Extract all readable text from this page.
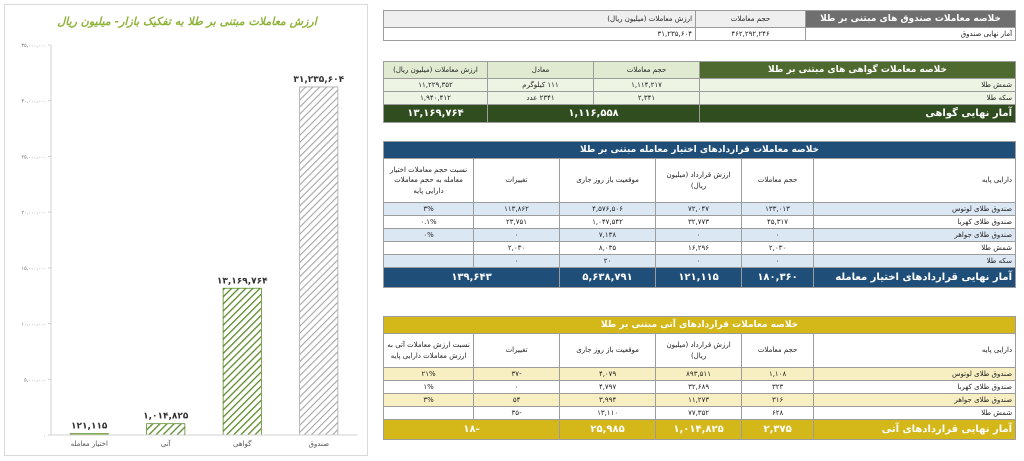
ارزش معاملات مبتنی بر طلا به تفکیک بازار- میلیون ریال
۰
۵,۰۰۰,۰۰۰
۱۰,۰۰۰,۰۰۰
۱۵,۰۰۰,۰۰۰
۲۰,۰۰۰,۰۰۰
۲۵,۰۰۰,۰۰۰
۳۰,۰۰۰,۰۰۰
۳۵,۰۰۰,۰۰۰
۳۱,۲۳۵,۶۰۴
۱۳,۱۶۹,۷۶۴
۱,۰۱۴,۸۲۵
۱۲۱,۱۱۵
صندوق
گواهی
آتی
اختیار معامله
خلاصه معاملات صندوق های مبتنی بر طلا	حجم معاملات	ارزش معاملات (میلیون ریال)
آمار نهایی صندوق	۴۶۲,۲۹۲,۲۴۶	۳۱,۲۳۵,۶۰۴
خلاصه معاملات گواهی های مبتنی بر طلا	حجم معاملات	معادل	ارزش معاملات (میلیون ریال)
شمش طلا	۱,۱۱۴,۲۱۷	۱۱۱ کیلوگرم	۱۱,۲۲۹,۳۵۲
سکه طلا	۲,۳۴۱	۲۳۴۱ عدد	۱,۹۴۰,۴۱۲
آمار نهایی گواهی	۱,۱۱۶,۵۵۸		۱۳,۱۶۹,۷۶۴
خلاصه معاملات قراردادهای اختیار معامله مبتنی بر طلا					
دارایی پایه	حجم معاملات	ارزش قرارداد (میلیون ریال)	موقعیت باز روز جاری	تغییرات	نسبت حجم معاملات اختیار معامله به حجم معاملات دارایی پایه
صندوق طلای لوتوس	۱۳۳,۰۱۳	۷۲,۰۴۷	۴,۵۷۶,۵۰۶	۱۱۳,۸۶۲	۳%
صندوق طلای کهربا	۴۵,۳۱۷	۳۲,۷۷۳	۱,۰۴۷,۵۴۲	۲۳,۷۵۱	۰.۱%
صندوق طلای جواهر	۰	۰	۷,۱۳۸	۰	۰%
شمش طلا	۲,۰۳۰	۱۶,۲۹۶	۸,۰۳۵	۲,۰۳۰	
سکه طلا	۰	۰	۲۰	۰	
آمار نهایی قراردادهای اختیار معامله	۱۸۰,۳۶۰	۱۲۱,۱۱۵	۵,۶۳۸,۷۹۱	۱۳۹,۶۴۳	
خلاصه معاملات قراردادهای آتی مبتنی بر طلا					
دارایی پایه	حجم معاملات	ارزش قرارداد (میلیون ریال)	موقعیت باز روز جاری	تغییرات	نسبت ارزش معاملات آتی به ارزش معاملات دارایی پایه
صندوق طلای لوتوس	۱,۱۰۸	۸۹۳,۵۱۱	۴,۰۷۹	-۳۷	۲۱%
صندوق طلای کهربا	۳۲۳	۳۲,۶۸۹	۴,۷۹۷	۰	۱%
صندوق طلای جواهر	۳۱۶	۱۱,۲۷۳	۳,۹۹۴	۵۴	۳%
شمش طلا	۶۲۸	۷۷,۳۵۲	۱۳,۱۱۰	-۳۵	
آمار نهایی قراردادهای آتی	۲,۳۷۵	۱,۰۱۴,۸۲۵	۲۵,۹۸۵	-۱۸	
